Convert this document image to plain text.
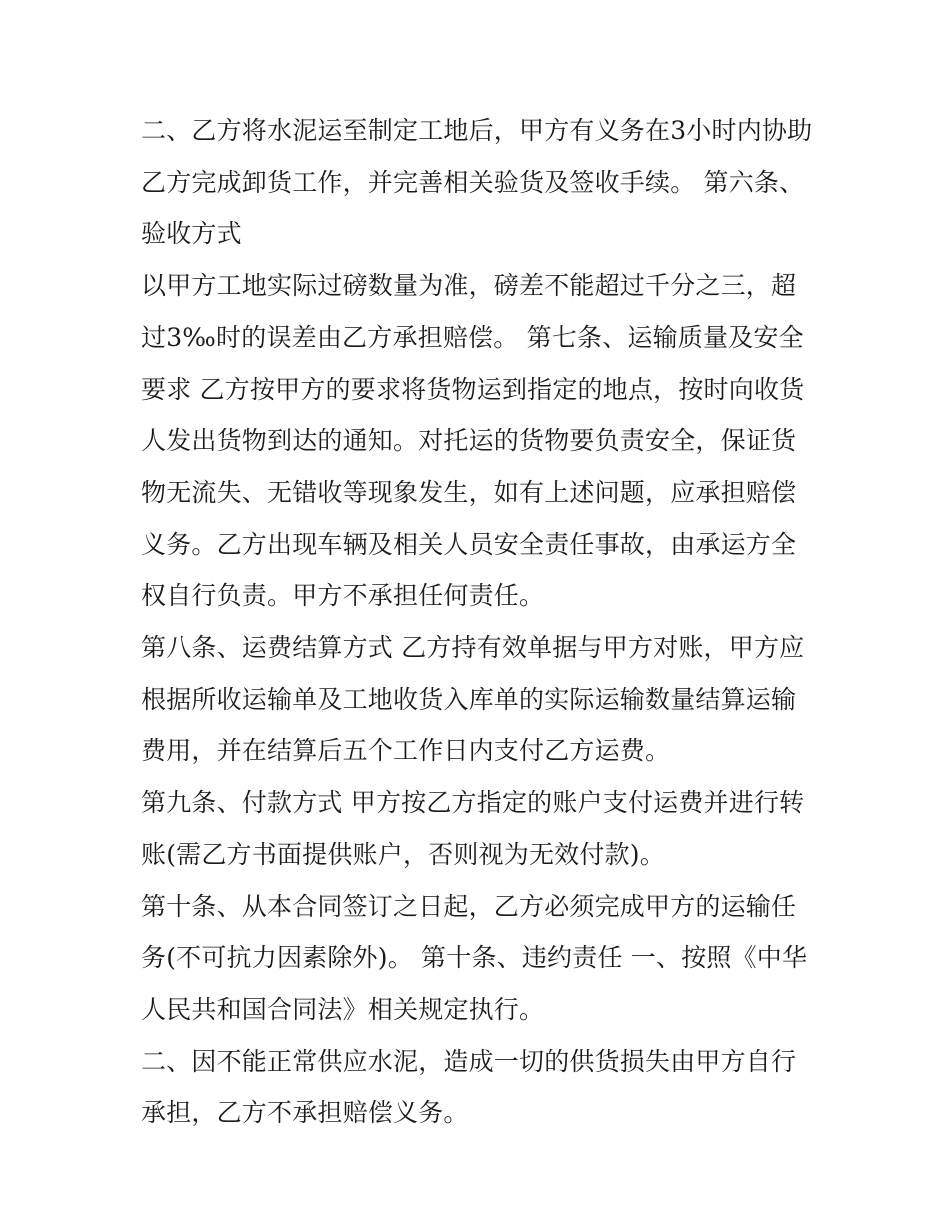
二、乙方将水泥运至制定工地后，甲方有义务在3小时内协助乙方完成卸货工作，并完善相关验货及签收手续。 第六条、验收方式

以甲方工地实际过磅数量为准，磅差不能超过千分之三，超过3‰时的误差由乙方承担赔偿。 第七条、运输质量及安全要求 乙方按甲方的要求将货物运到指定的地点，按时向收货人发出货物到达的通知。对托运的货物要负责安全，保证货物无流失、无错收等现象发生，如有上述问题，应承担赔偿义务。乙方出现车辆及相关人员安全责任事故，由承运方全权自行负责。甲方不承担任何责任。

第八条、运费结算方式 乙方持有效单据与甲方对账，甲方应根据所收运输单及工地收货入库单的实际运输数量结算运输费用，并在结算后五个工作日内支付乙方运费。

第九条、付款方式 甲方按乙方指定的账户支付运费并进行转账(需乙方书面提供账户，否则视为无效付款)。

第十条、从本合同签订之日起，乙方必须完成甲方的运输任务(不可抗力因素除外)。 第十条、违约责任 一、按照《中华人民共和国合同法》相关规定执行。

二、因不能正常供应水泥，造成一切的供货损失由甲方自行承担，乙方不承担赔偿义务。
